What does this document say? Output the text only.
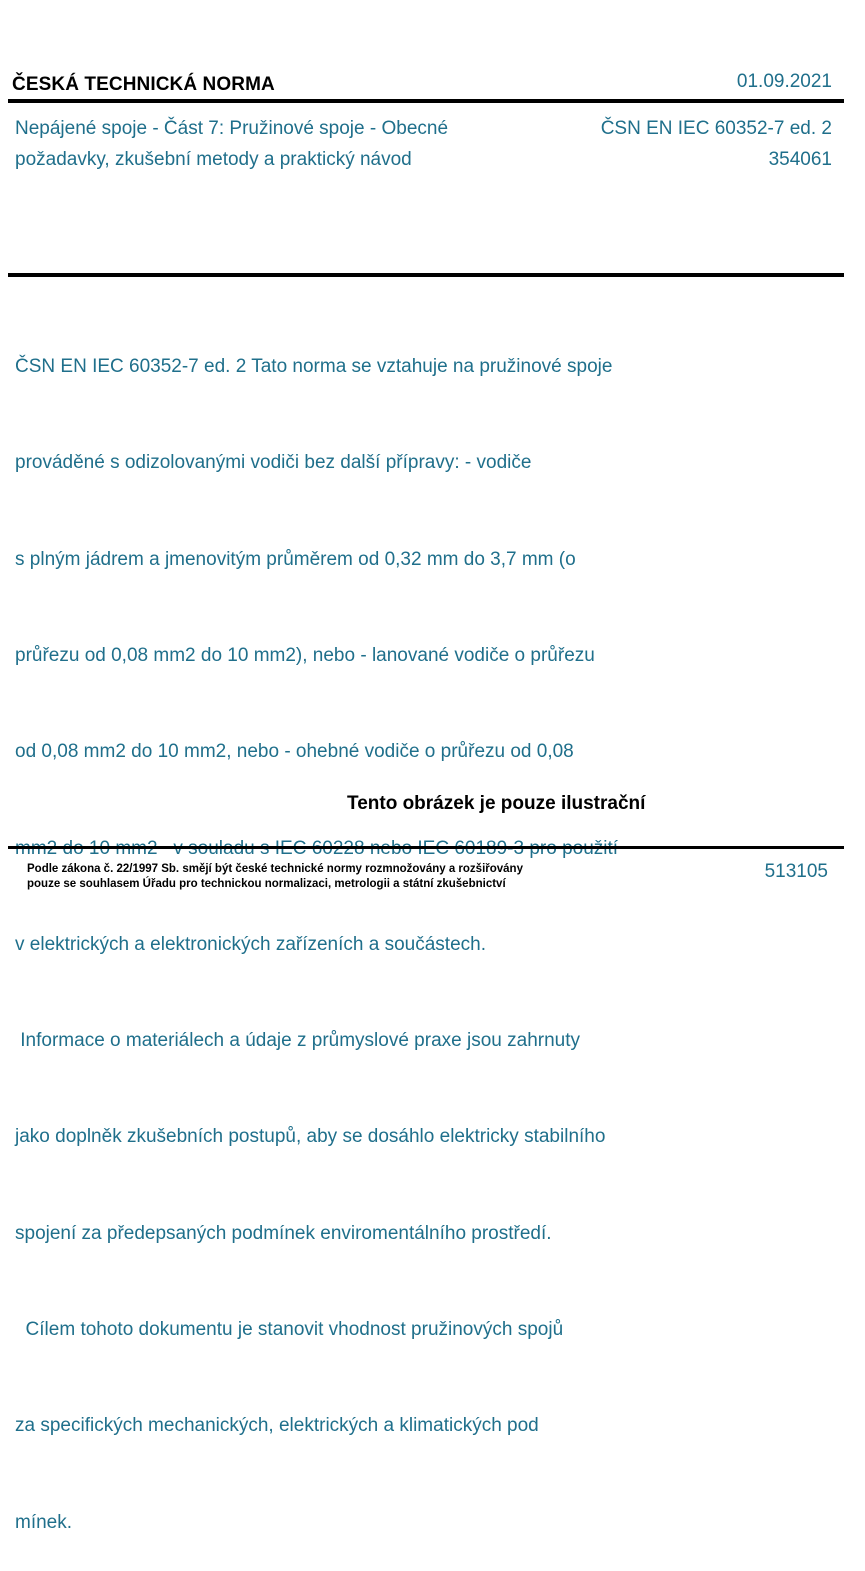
ČESKÁ TECHNICKÁ NORMA	01.09.2021
Nepájené spoje - Část 7: Pružinové spoje - Obecné
požadavky, zkušební metody a praktický návod
ČSN EN IEC 60352-7 ed. 2
354061

ČSN EN IEC 60352-7 ed. 2 Tato norma se vztahuje na pružinové spoje

prováděné s odizolovanými vodiči bez další přípravy: - vodiče

s plným jádrem a jmenovitým průměrem od 0,32 mm do 3,7 mm (o

průřezu od 0,08 mm2 do 10 mm2), nebo - lanované vodiče o průřezu

od 0,08 mm2 do 10 mm2, nebo - ohebné vodiče o průřezu od 0,08

v elektrických a elektronických zařízeních a součástech.

Informace o materiálech a údaje z průmyslové praxe jsou zahrnuty

jako doplněk zkušebních postupů, aby se dosáhlo elektricky stabilního

spojení za předepsaných podmínek enviromentálního prostředí.

Cílem tohoto dokumentu je stanovit vhodnost pružinových spojů

za specifických mechanických, elektrických a klimatických pod

mínek.

Tento obrázek je pouze ilustrační
Podle zákona č. 22/1997 Sb. smějí být české technické normy rozmnožovány a rozšiřovány
pouze se souhlasem Úřadu pro technickou normalizaci, metrologii a státní zkušebnictví
513105
